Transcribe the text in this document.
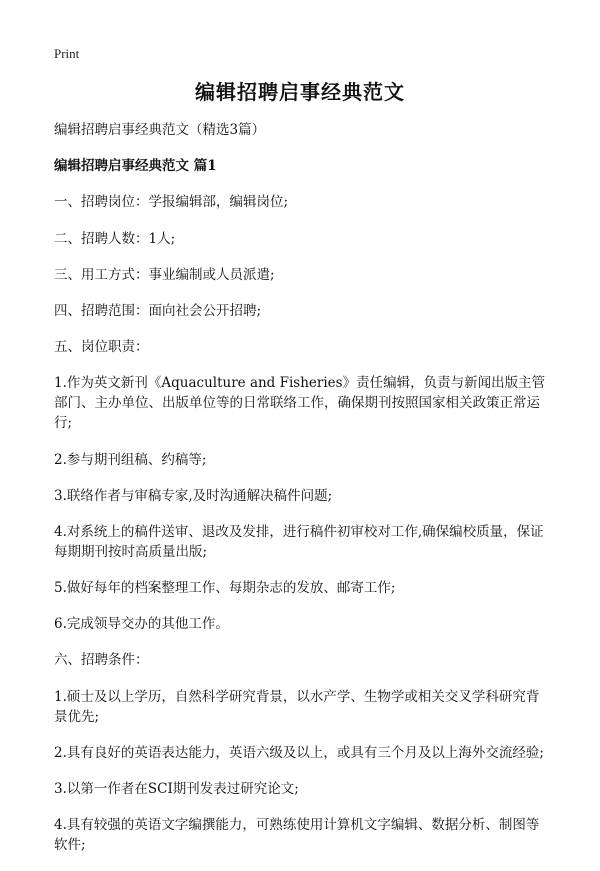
Print
编辑招聘启事经典范文

编辑招聘启事经典范文（精选3篇）

编辑招聘启事经典范文 篇1

一、招聘岗位：学报编辑部，编辑岗位;

二、招聘人数：1人;

三、用工方式：事业编制或人员派遣;

四、招聘范围：面向社会公开招聘;

五、岗位职责：

1.作为英文新刊《Aquaculture and Fisheries》责任编辑，负责与新闻出版主管部门、主办单位、出版单位等的日常联络工作，确保期刊按照国家相关政策正常运行;

2.参与期刊组稿、约稿等;

3.联络作者与审稿专家,及时沟通解决稿件问题;

4.对系统上的稿件送审、退改及发排，进行稿件初审校对工作,确保编校质量，保证每期期刊按时高质量出版;

5.做好每年的档案整理工作、每期杂志的发放、邮寄工作;

6.完成领导交办的其他工作。

六、招聘条件：

1.硕士及以上学历，自然科学研究背景，以水产学、生物学或相关交叉学科研究背景优先;

2.具有良好的英语表达能力，英语六级及以上，或具有三个月及以上海外交流经验;

3.以第一作者在SCI期刊发表过研究论文;

4.具有较强的英语文字编撰能力，可熟练使用计算机文字编辑、数据分析、制图等软件;
